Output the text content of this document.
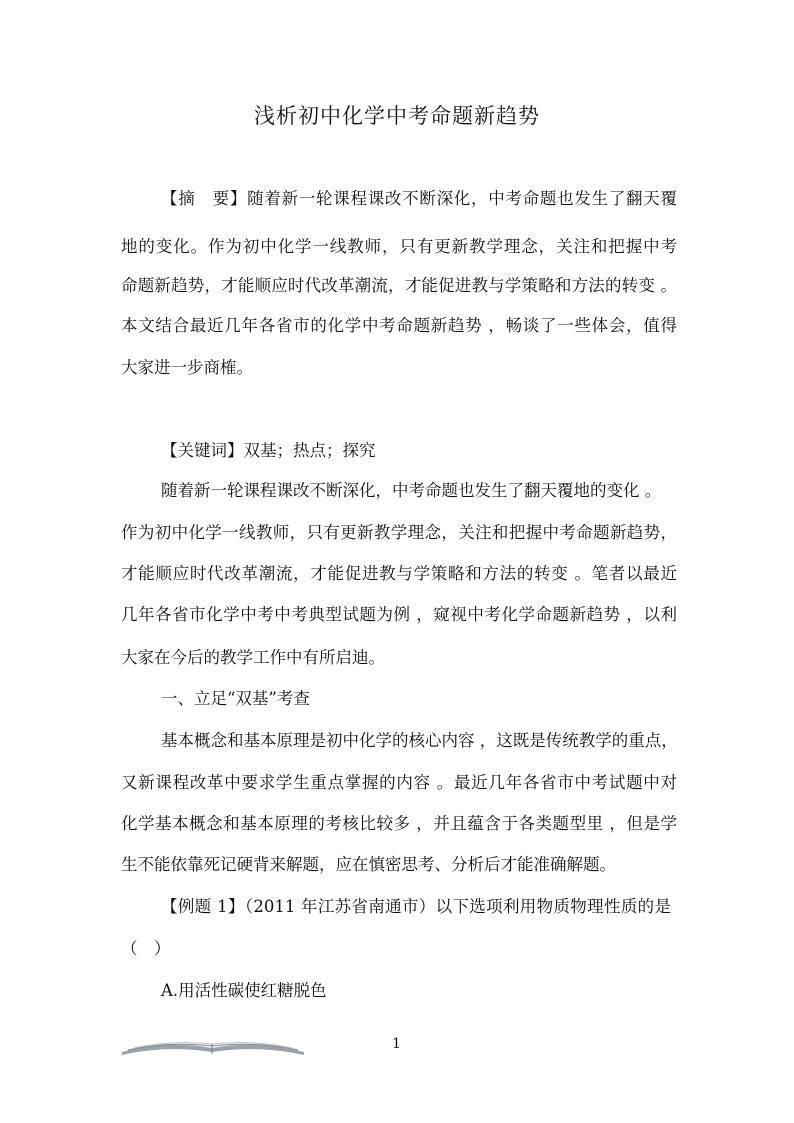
浅析初中化学中考命题新趋势
【摘　要】随着新一轮课程课改不断深化，中考命题也发生了翻天覆
地的变化。作为初中化学一线教师，只有更新教学理念，关注和把握中考
命题新趋势，才能顺应时代改革潮流，才能促进教与学策略和方法的转变 。
本文结合最近几年各省市的化学中考命题新趋势 ，畅谈了一些体会，值得
大家进一步商榷。
【关键词】双基；热点；探究
随着新一轮课程课改不断深化，中考命题也发生了翻天覆地的变化 。
作为初中化学一线教师，只有更新教学理念，关注和把握中考命题新趋势，
才能顺应时代改革潮流，才能促进教与学策略和方法的转变 。笔者以最近
几年各省市化学中考中考典型试题为例 ，窥视中考化学命题新趋势 ，以利
大家在今后的教学工作中有所启迪。
一、立足“双基”考查
基本概念和基本原理是初中化学的核心内容 ，这既是传统教学的重点，
又新课程改革中要求学生重点掌握的内容 。最近几年各省市中考试题中对
化学基本概念和基本原理的考核比较多 ，并且蕴含于各类题型里 ，但是学
生不能依靠死记硬背来解题，应在慎密思考、分析后才能准确解题。
【例题 1】（2011 年江苏省南通市）以下选项利用物质物理性质的是
（　）
A.用活性碳使红糖脱色
1
